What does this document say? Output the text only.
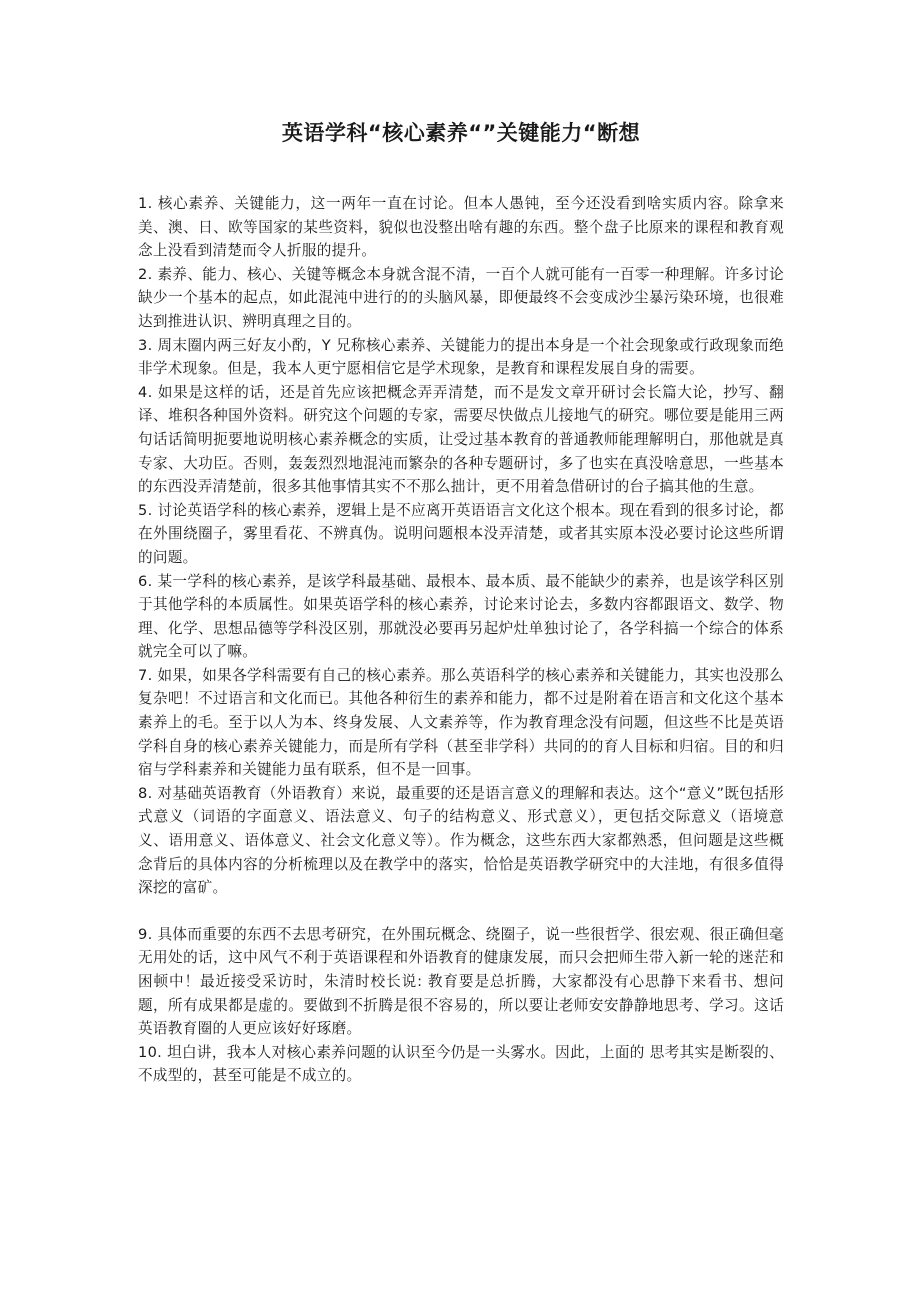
英语学科“核心素养“”关键能力“断想

1. 核心素养、关键能力，这一两年一直在讨论。但本人愚钝，至今还没看到啥实质内容。除拿来美、澳、日、欧等国家的某些资料，貌似也没整出啥有趣的东西。整个盘子比原来的课程和教育观念上没看到清楚而令人折服的提升。

2. 素养、能力、核心、关键等概念本身就含混不清，一百个人就可能有一百零一种理解。许多讨论缺少一个基本的起点，如此混沌中进行的的头脑风暴，即便最终不会变成沙尘暴污染环境，也很难达到推进认识、辨明真理之目的。

3. 周末圈内两三好友小酌，Y 兄称核心素养、关键能力的提出本身是一个社会现象或行政现象而绝非学术现象。但是，我本人更宁愿相信它是学术现象，是教育和课程发展自身的需要。

4. 如果是这样的话，还是首先应该把概念弄弄清楚，而不是发文章开研讨会长篇大论，抄写、翻译、堆积各种国外资料。研究这个问题的专家，需要尽快做点儿接地气的研究。哪位要是能用三两句话话简明扼要地说明核心素养概念的实质，让受过基本教育的普通教师能理解明白，那他就是真专家、大功臣。否则，轰轰烈烈地混沌而繁杂的各种专题研讨，多了也实在真没啥意思，一些基本的东西没弄清楚前，很多其他事情其实不不那么拙计，更不用着急借研讨的台子搞其他的生意。

5. 讨论英语学科的核心素养，逻辑上是不应离开英语语言文化这个根本。现在看到的很多讨论，都在外围绕圈子，雾里看花、不辨真伪。说明问题根本没弄清楚，或者其实原本没必要讨论这些所谓的问题。

6. 某一学科的核心素养，是该学科最基础、最根本、最本质、最不能缺少的素养，也是该学科区别于其他学科的本质属性。如果英语学科的核心素养，讨论来讨论去，多数内容都跟语文、数学、物理、化学、思想品德等学科没区别，那就没必要再另起炉灶单独讨论了，各学科搞一个综合的体系就完全可以了嘛。

7. 如果，如果各学科需要有自己的核心素养。那么英语科学的核心素养和关键能力，其实也没那么复杂吧！不过语言和文化而已。其他各种衍生的素养和能力，都不过是附着在语言和文化这个基本素养上的毛。至于以人为本、终身发展、人文素养等，作为教育理念没有问题，但这些不比是英语学科自身的核心素养关键能力，而是所有学科（甚至非学科）共同的的育人目标和归宿。目的和归宿与学科素养和关键能力虽有联系，但不是一回事。

8. 对基础英语教育（外语教育）来说，最重要的还是语言意义的理解和表达。这个“意义”既包括形式意义（词语的字面意义、语法意义、句子的结构意义、形式意义），更包括交际意义（语境意义、语用意义、语体意义、社会文化意义等）。作为概念，这些东西大家都熟悉，但问题是这些概念背后的具体内容的分析梳理以及在教学中的落实，恰恰是英语教学研究中的大洼地，有很多值得深挖的富矿。

9. 具体而重要的东西不去思考研究，在外围玩概念、绕圈子，说一些很哲学、很宏观、很正确但毫无用处的话，这中风气不利于英语课程和外语教育的健康发展，而只会把师生带入新一轮的迷茫和困顿中！最近接受采访时，朱清时校长说: 教育要是总折腾，大家都没有心思静下来看书、想问题，所有成果都是虚的。要做到不折腾是很不容易的，所以要让老师安安静静地思考、学习。这话英语教育圈的人更应该好好琢磨。

10. 坦白讲，我本人对核心素养问题的认识至今仍是一头雾水。因此，上面的 思考其实是断裂的、不成型的，甚至可能是不成立的。
